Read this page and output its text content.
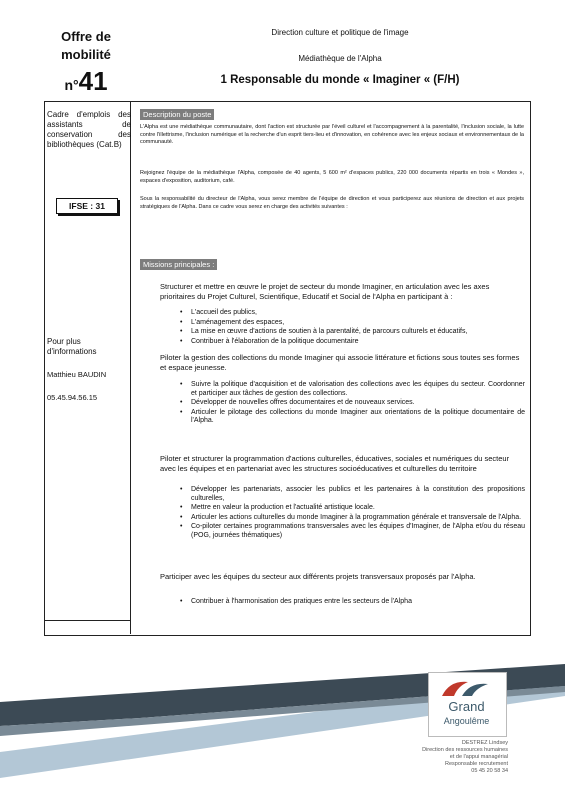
Offre de
mobilité
n°41
Direction culture et politique de l'image
Médiathèque de l'Alpha
1 Responsable du monde « Imaginer « (F/H)
Cadre d'emplois des assistants de conservation des bibliothèques (Cat.B)
IFSE : 31
Pour plus d'informations
Matthieu BAUDIN
05.45.94.56.15
Description du poste
L'Alpha est une médiathèque communautaire, dont l'action est structurée par l'éveil culturel et l'accompagnement à la parentalité, l'inclusion sociale, la lutte contre l'illettrisme, l'inclusion numérique et la recherche d'un esprit tiers-lieu et d'innovation, en cohérence avec les enjeux sociaux et environnementaux de la communauté.
Rejoignez l'équipe de la médiathèque l'Alpha, composée de 40 agents, 5 600 m² d'espaces publics, 220 000 documents répartis en trois « Mondes », espaces d'exposition, auditorium, café.
Sous la responsabilité du directeur de l'Alpha, vous serez membre de l'équipe de direction et vous participerez aux réunions de direction et aux projets stratégiques de l'Alpha. Dans ce cadre vous serez en charge des activités suivantes :
Missions principales :
Structurer et mettre en œuvre le projet de secteur du monde Imaginer, en articulation avec les axes prioritaires du Projet Culturel, Scientifique, Educatif et Social de l'Alpha en participant à :
• L'accueil des publics,
• L'aménagement des espaces,
• La mise en œuvre d'actions de soutien à la parentalité, de parcours culturels et éducatifs,
• Contribuer à l'élaboration de la politique documentaire
Piloter la gestion des collections du monde Imaginer qui associe littérature et fictions sous toutes ses formes et espace jeunesse.
• Suivre la politique d'acquisition et de valorisation des collections avec les équipes du secteur. Coordonner et participer aux tâches de gestion des collections.
• Développer de nouvelles offres documentaires et de nouveaux services.
• Articuler le pilotage des collections du monde Imaginer aux orientations de la politique documentaire de l'Alpha.
Piloter et structurer la programmation d'actions culturelles, éducatives, sociales et numériques du secteur avec les équipes et en partenariat avec les structures socioéducatives et culturelles du territoire
• Développer les partenariats, associer les publics et les partenaires à la constitution des propositions culturelles,
• Mettre en valeur la production et l'actualité artistique locale.
• Articuler les actions culturelles du monde Imaginer à la programmation générale et transversale de l'Alpha.
• Co-piloter certaines programmations transversales avec les équipes d'Imaginer, de l'Alpha et/ou du réseau (POG, journées thématiques)
Participer avec les équipes du secteur aux différents projets transversaux proposés par l'Alpha.
• Contribuer à l'harmonisation des pratiques entre les secteurs de l'Alpha
Grand
Angoulême
DESTREZ Lindsey
Direction des ressources humaines
et de l'appui managérial
Responsable recrutement
05 45 20 58 34
